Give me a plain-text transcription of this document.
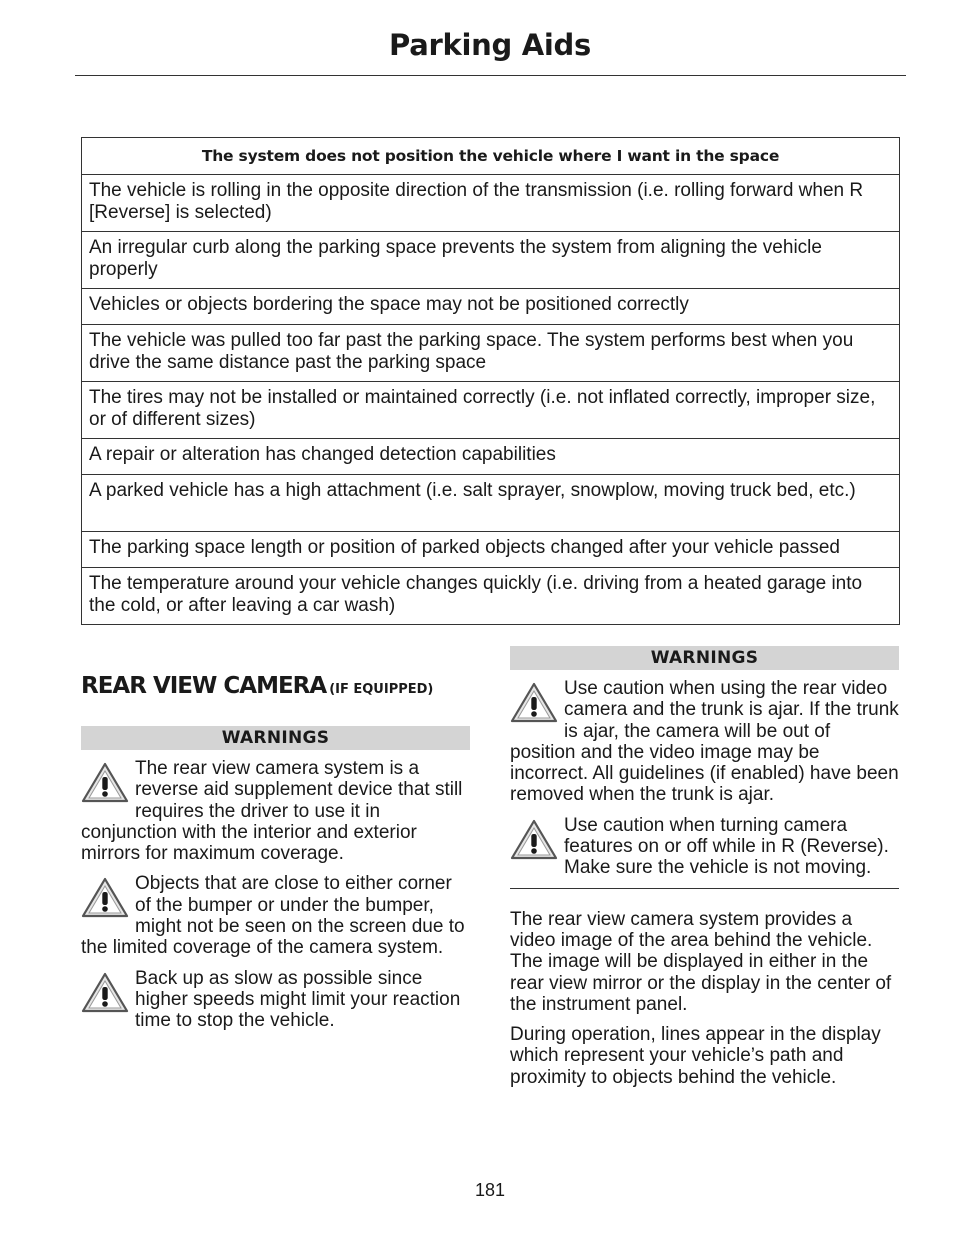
Parking Aids
The system does not position the vehicle where I want in the space
The vehicle is rolling in the opposite direction of the transmission (i.e. rolling forward when R [Reverse] is selected)
An irregular curb along the parking space prevents the system from aligning the vehicle properly
Vehicles or objects bordering the space may not be positioned correctly
The vehicle was pulled too far past the parking space. The system performs best when you drive the same distance past the parking space
The tires may not be installed or maintained correctly (i.e. not inflated correctly, improper size, or of different sizes)
A repair or alteration has changed detection capabilities
A parked vehicle has a high attachment (i.e. salt sprayer, snowplow, moving truck bed, etc.)
The parking space length or position of parked objects changed after your vehicle passed
The temperature around your vehicle changes quickly (i.e. driving from a heated garage into the cold, or after leaving a car wash)
REAR VIEW CAMERA (IF EQUIPPED)
WARNINGS
The rear view camera system is a reverse aid supplement device that still requires the driver to use it in conjunction with the interior and exterior mirrors for maximum coverage.
Objects that are close to either corner of the bumper or under the bumper, might not be seen on the screen due to the limited coverage of the camera system.
Back up as slow as possible since higher speeds might limit your reaction time to stop the vehicle.
WARNINGS
Use caution when using the rear video camera and the trunk is ajar. If the trunk is ajar, the camera will be out of position and the video image may be incorrect. All guidelines (if enabled) have been removed when the trunk is ajar.
Use caution when turning camera features on or off while in R (Reverse). Make sure the vehicle is not moving.

The rear view camera system provides a video image of the area behind the vehicle. The image will be displayed in either in the rear view mirror or the display in the center of the instrument panel.

During operation, lines appear in the display which represent your vehicle’s path and proximity to objects behind the vehicle.

181
